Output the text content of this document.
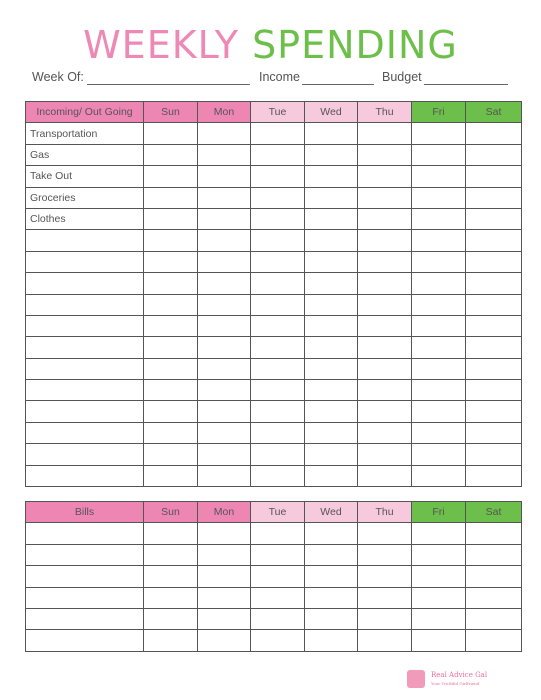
WEEKLY SPENDING
Week Of:	Income	Budget
Incoming/ Out Going	Sun	Mon	Tue	Wed	Thu	Fri	Sat
Transportation							
Gas							
Take Out							
Groceries							
Clothes							

Bills	Sun	Mon	Tue	Wed	Thu	Fri	Sat

Real Advice Gal
Your Truthful Girlfriend
